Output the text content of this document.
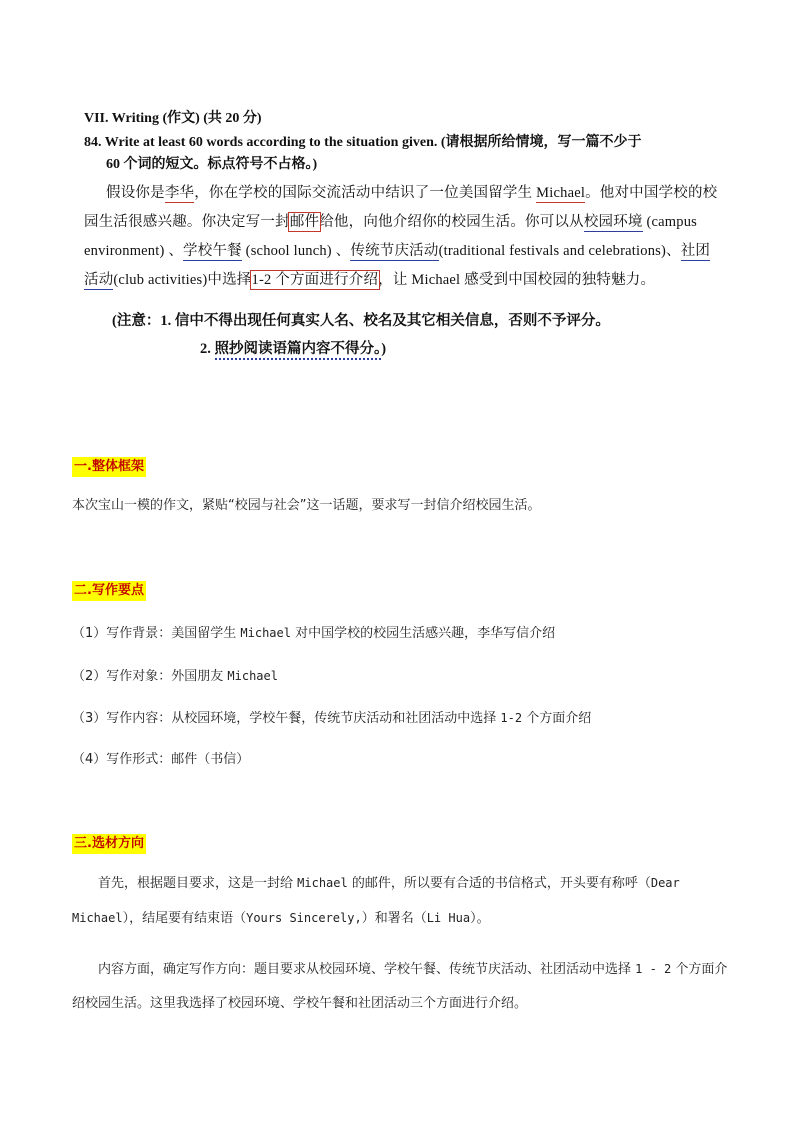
VII. Writing (作文) (共 20 分)

84. Write at least 60 words according to the situation given. (请根据所给情境，写一篇不少于

60 个词的短文。标点符号不占格。)

假设你是李华，你在学校的国际交流活动中结识了一位美国留学生 Michael。他对中国学校的校园生活很感兴趣。你决定写一封邮件给他，向他介绍你的校园生活。你可以从校园环境 (campus environment) 、学校午餐 (school lunch) 、传统节庆活动(traditional festivals and celebrations)、社团活动(club activities)中选择1-2 个方面进行介绍，让 Michael 感受到中国校园的独特魅力。

(注意：1. 信中不得出现任何真实人名、校名及其它相关信息，否则不予评分。
2. 照抄阅读语篇内容不得分。)

一.整体框架

本次宝山一模的作文，紧贴“校园与社会”这一话题，要求写一封信介绍校园生活。

二.写作要点

（1）写作背景：美国留学生 Michael 对中国学校的校园生活感兴趣，李华写信介绍

（2）写作对象：外国朋友 Michael

（3）写作内容：从校园环境，学校午餐，传统节庆活动和社团活动中选择 1-2 个方面介绍

（4）写作形式：邮件（书信）

三.选材方向

首先，根据题目要求，这是一封给 Michael 的邮件，所以要有合适的书信格式，开头要有称呼（Dear Michael），结尾要有结束语（Yours Sincerely,）和署名（Li Hua）。

内容方面，确定写作方向：题目要求从校园环境、学校午餐、传统节庆活动、社团活动中选择 1 - 2 个方面介绍校园生活。这里我选择了校园环境、学校午餐和社团活动三个方面进行介绍。
